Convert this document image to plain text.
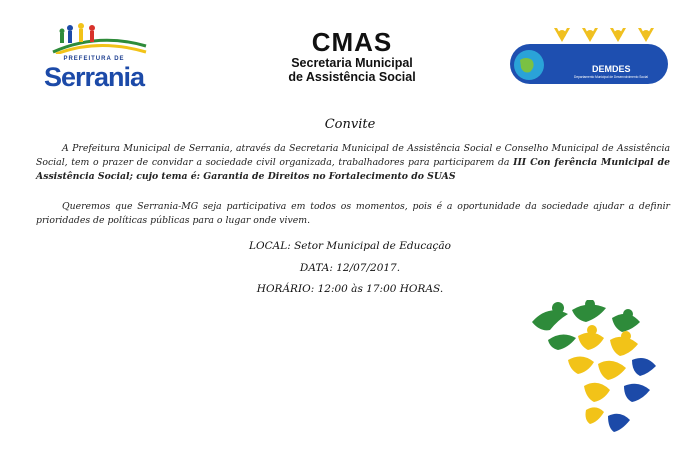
PREFEITURA DE
Serrania
CMAS
Secretaria Municipal
de Assistência Social
DEMDES
Departamento Municipal de Desenvolvimento Social
Convite
A Prefeitura Municipal de Serrania, através da Secretaria Municipal de Assistência Social e Conselho Municipal de Assistência Social, tem o prazer de convidar a sociedade civil organizada, trabalhadores para participarem da III Con ferência Municipal de Assistência Social; cujo tema é: Garantia de Direitos no Fortalecimento do SUAS
Queremos que Serrania-MG seja participativa em todos os momentos, pois é a oportunidade da sociedade ajudar a definir prioridades de políticas públicas para o lugar onde vivem.
LOCAL: Setor Municipal de Educação
DATA: 12/07/2017.
HORÁRIO: 12:00 às 17:00 HORAS.
